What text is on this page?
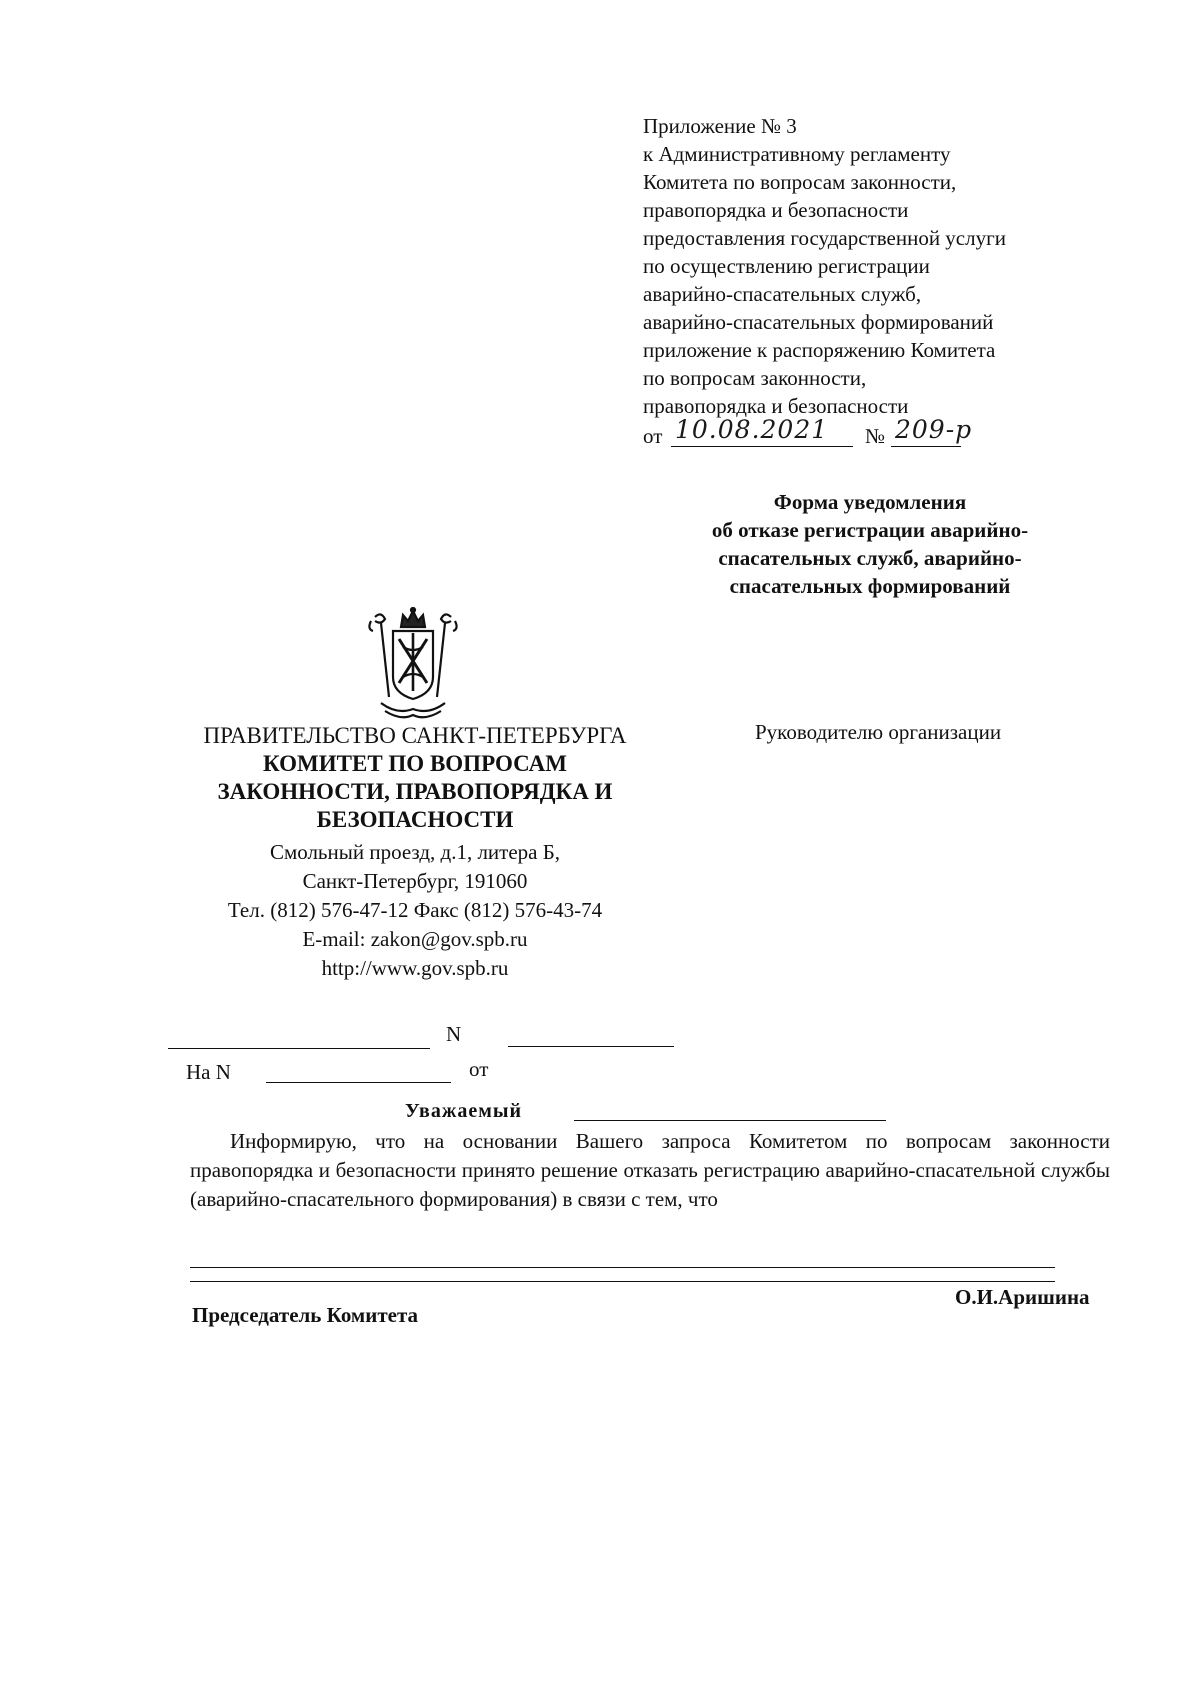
Приложение № 3
к Административному регламенту
Комитета по вопросам законности,
правопорядка и безопасности
предоставления государственной услуги
по осуществлению регистрации
аварийно-спасательных служб,
аварийно-спасательных формирований
приложение к распоряжению Комитета
по вопросам законности,
правопорядка и безопасности
от 10.08.2021 № 209-р
Форма уведомления
об отказе регистрации аварийно-
спасательных служб, аварийно-
спасательных формирований
ПРАВИТЕЛЬСТВО САНКТ-ПЕТЕРБУРГА
КОМИТЕТ ПО ВОПРОСАМ
ЗАКОННОСТИ, ПРАВОПОРЯДКА И
БЕЗОПАСНОСТИ
Смольный проезд, д.1, литера Б,
Санкт-Петербург, 191060
Тел. (812) 576-47-12 Факс (812) 576-43-74
E-mail: zakon@gov.spb.ru
http://www.gov.spb.ru
Руководителю организации
N
На N	от
Уважаемый
Информирую, что на основании Вашего запроса Комитетом по вопросам законности правопорядка и безопасности принято решение отказать регистрацию аварийно-спасательной службы (аварийно-спасательного формирования) в связи с тем, что
Председатель Комитета
О.И.Аришина
